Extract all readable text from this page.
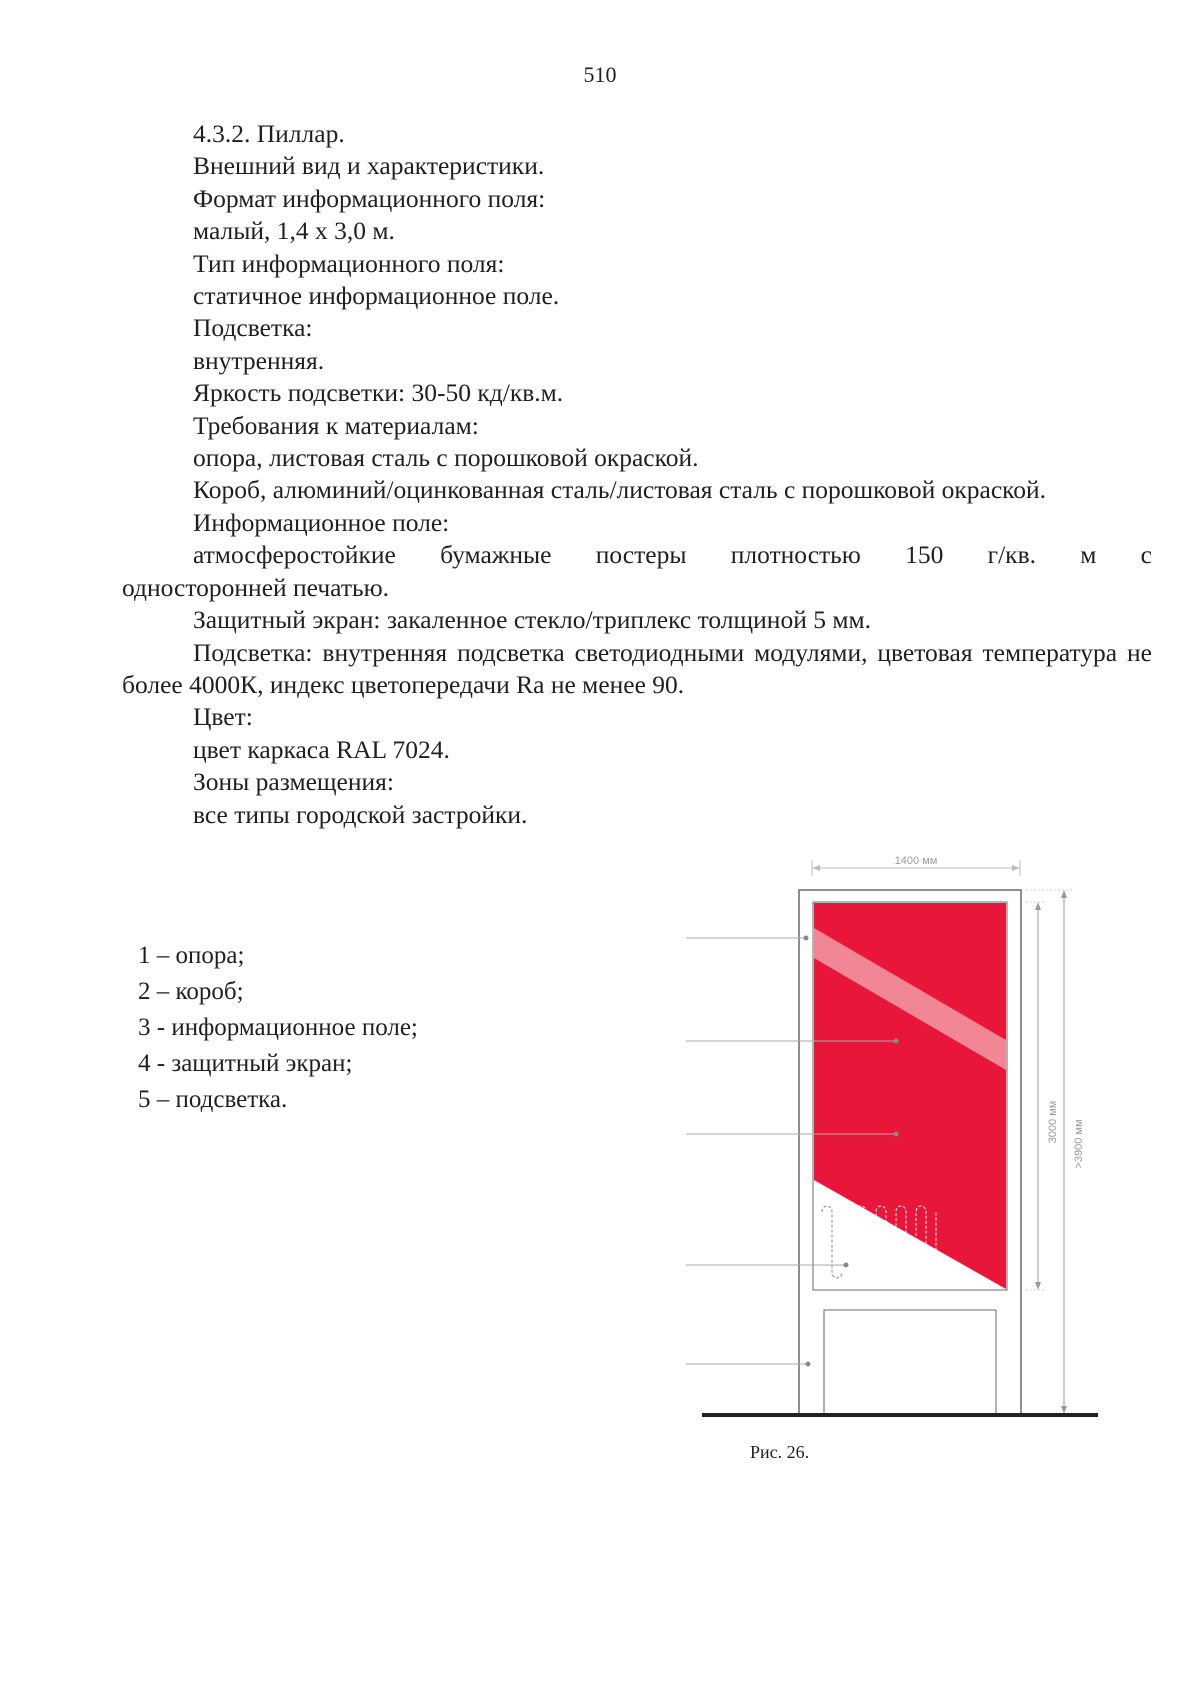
510

4.3.2. Пиллар.

Внешний вид и характеристики.

Формат информационного поля:

малый, 1,4 х 3,0 м.

Тип информационного поля:

статичное информационное поле.

Подсветка:

внутренняя.

Яркость подсветки: 30-50 кд/кв.м.

Требования к материалам:

опора, листовая сталь с порошковой окраской.

Короб, алюминий/оцинкованная сталь/листовая сталь с порошковой окраской.

Информационное поле:

атмосферостойкие бумажные постеры плотностью 150 г/кв. м с

односторонней печатью.

Защитный экран: закаленное стекло/триплекс толщиной 5 мм.

Подсветка: внутренняя подсветка светодиодными модулями, цветовая температура не более 4000К, индекс цветопередачи Ra не менее 90.

Цвет:

цвет каркаса RAL 7024.

Зоны размещения:

все типы городской застройки.

1 – опора;
2 – короб;
3 - информационное поле;
4 - защитный экран;
5 – подсветка.
1400 мм
3000 мм >3900 мм
Рис. 26.
